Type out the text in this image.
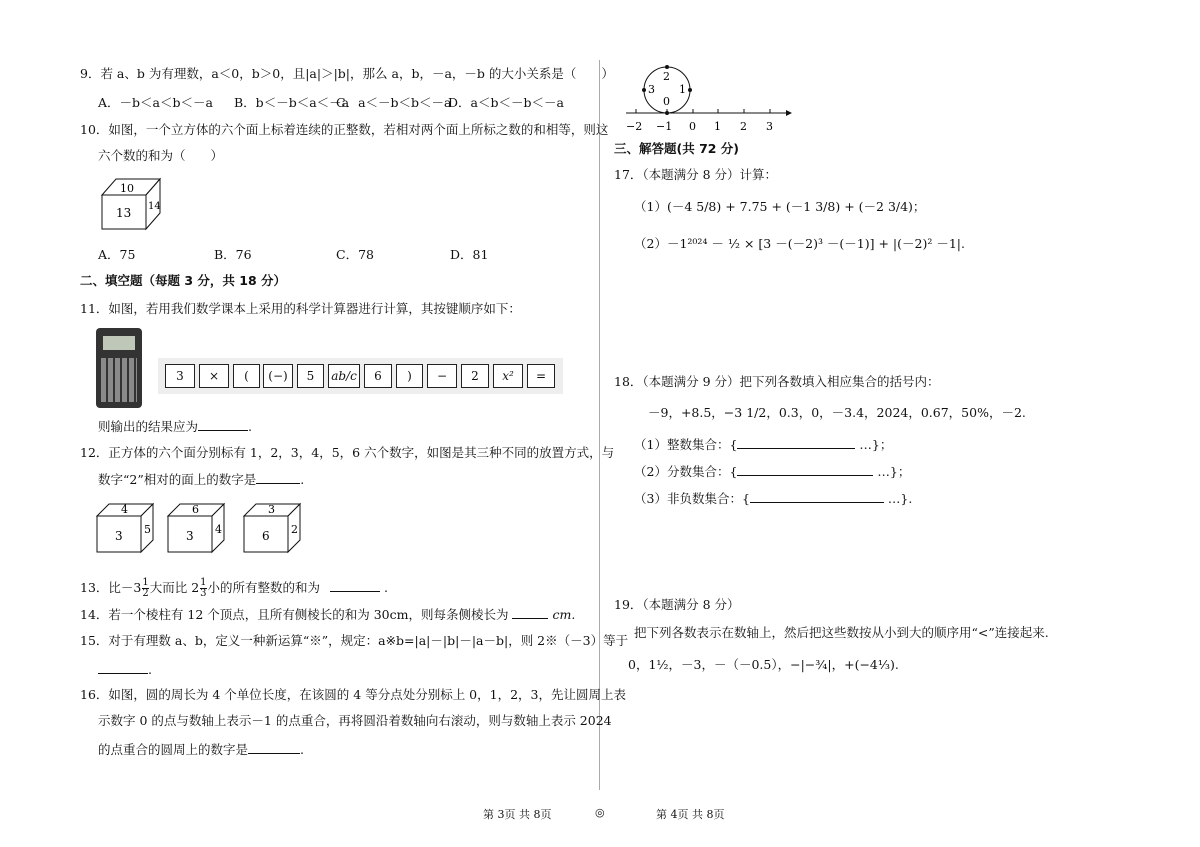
9．若 a、b 为有理数，a＜0，b＞0，且|a|＞|b|，那么 a，b，－a，－b 的大小关系是（　　）
A．－b＜a＜b＜－a B．b＜－b＜a＜－a
C．a＜－b＜b＜－a
D．a＜b＜－b＜－a
10．如图，一个立方体的六个面上标着连续的正整数，若相对两个面上所标之数的和相等，则这
六个数的和为（　　）
10
13 14
A．75	B．76	C．78	D．81
二、填空题（每题 3 分，共 18 分）
11．如图，若用我们数学课本上采用的科学计算器进行计算，其按键顺序如下：
3	×	(	(−)	5	ab/c	6	)	−	2	x²	=
则输出的结果应为	.
12．正方体的六个面分别标有 1，2，3，4，5，6 六个数字，如图是其三种不同的放置方式，与
数字“2”相对的面上的数字是	.
4
3 5
6
3 4
3
6 2
13．比$-3 \frac{1}{2}$ 大而比 $2 \frac{1}{3}$ 小的所有整数的和为	.
14．若一个棱柱有 12 个顶点，且所有侧棱长的和为 30cm，则每条侧棱长为	cm.
15．对于有理数 a、b，定义一种新运算“※”，规定：a※b=|a|－|b|－|a－b|，则 2※（－3）等于
.
16．如图，圆的周长为 4 个单位长度，在该圆的 4 等分点处分别标上 0，1，2，3，先让圆周上表
示数字 0 的点与数轴上表示－1 的点重合，再将圆沿着数轴向右滚动，则与数轴上表示 2024
的点重合的圆周上的数字是	.
2
3 1
0
−2 −1 0 1 2 3
三、解答题(共 72 分)
17．（本题满分 8 分）计算：
（1）(－4 5/8) + 7.75 + (－1 3/8) + (－2 3/4)；
（2）－1²⁰²⁴ － ½ × [3 －(－2)³ －(－1)] + |(－2)² －1|.
18．（本题满分 9 分）把下列各数填入相应集合的括号内：
－9，+8.5，−3 1/2，0.3，0，－3.4，2024，0.67，50%，－2.
（1）整数集合：{	…}；
（2）分数集合：{	…}；
（3）非负数集合：{	…}.
19．（本题满分 8 分）
把下列各数表示在数轴上，然后把这些数按从小到大的顺序用“<”连接起来.
0，1½，－3，－（－0.5），−|−¾|，+(−4⅓).
第 3页 共 8页	◎	第 4页 共 8页
